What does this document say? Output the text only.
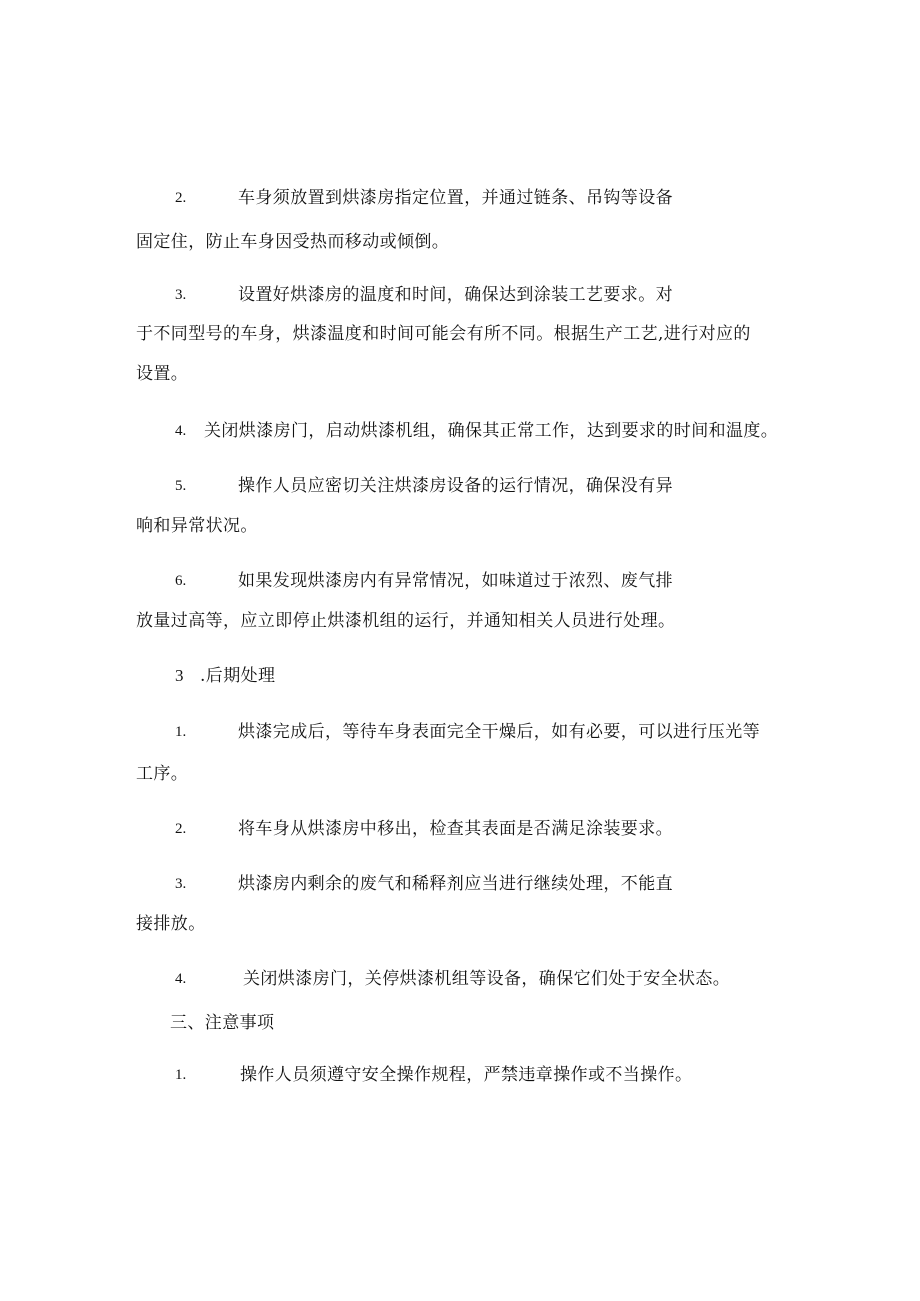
2.	车身须放置到烘漆房指定位置，并通过链条、吊钩等设备
固定住，防止车身因受热而移动或倾倒。
3.	设置好烘漆房的温度和时间，确保达到涂装工艺要求。对
于不同型号的车身，烘漆温度和时间可能会有所不同。根据生产工艺,进行对应的
设置。
4. 关闭烘漆房门，启动烘漆机组，确保其正常工作，达到要求的时间和温度。
5.	操作人员应密切关注烘漆房设备的运行情况，确保没有异
响和异常状况。
6.	如果发现烘漆房内有异常情况，如味道过于浓烈、废气排
放量过高等，应立即停止烘漆机组的运行，并通知相关人员进行处理。
3 .后期处理
1.	烘漆完成后，等待车身表面完全干燥后，如有必要，可以进行压光等
工序。
2.	将车身从烘漆房中移出，检查其表面是否满足涂装要求。
3.	烘漆房内剩余的废气和稀释剂应当进行继续处理，不能直
接排放。
4.	关闭烘漆房门，关停烘漆机组等设备，确保它们处于安全状态。
三、注意事项
1.	操作人员须遵守安全操作规程，严禁违章操作或不当操作。
